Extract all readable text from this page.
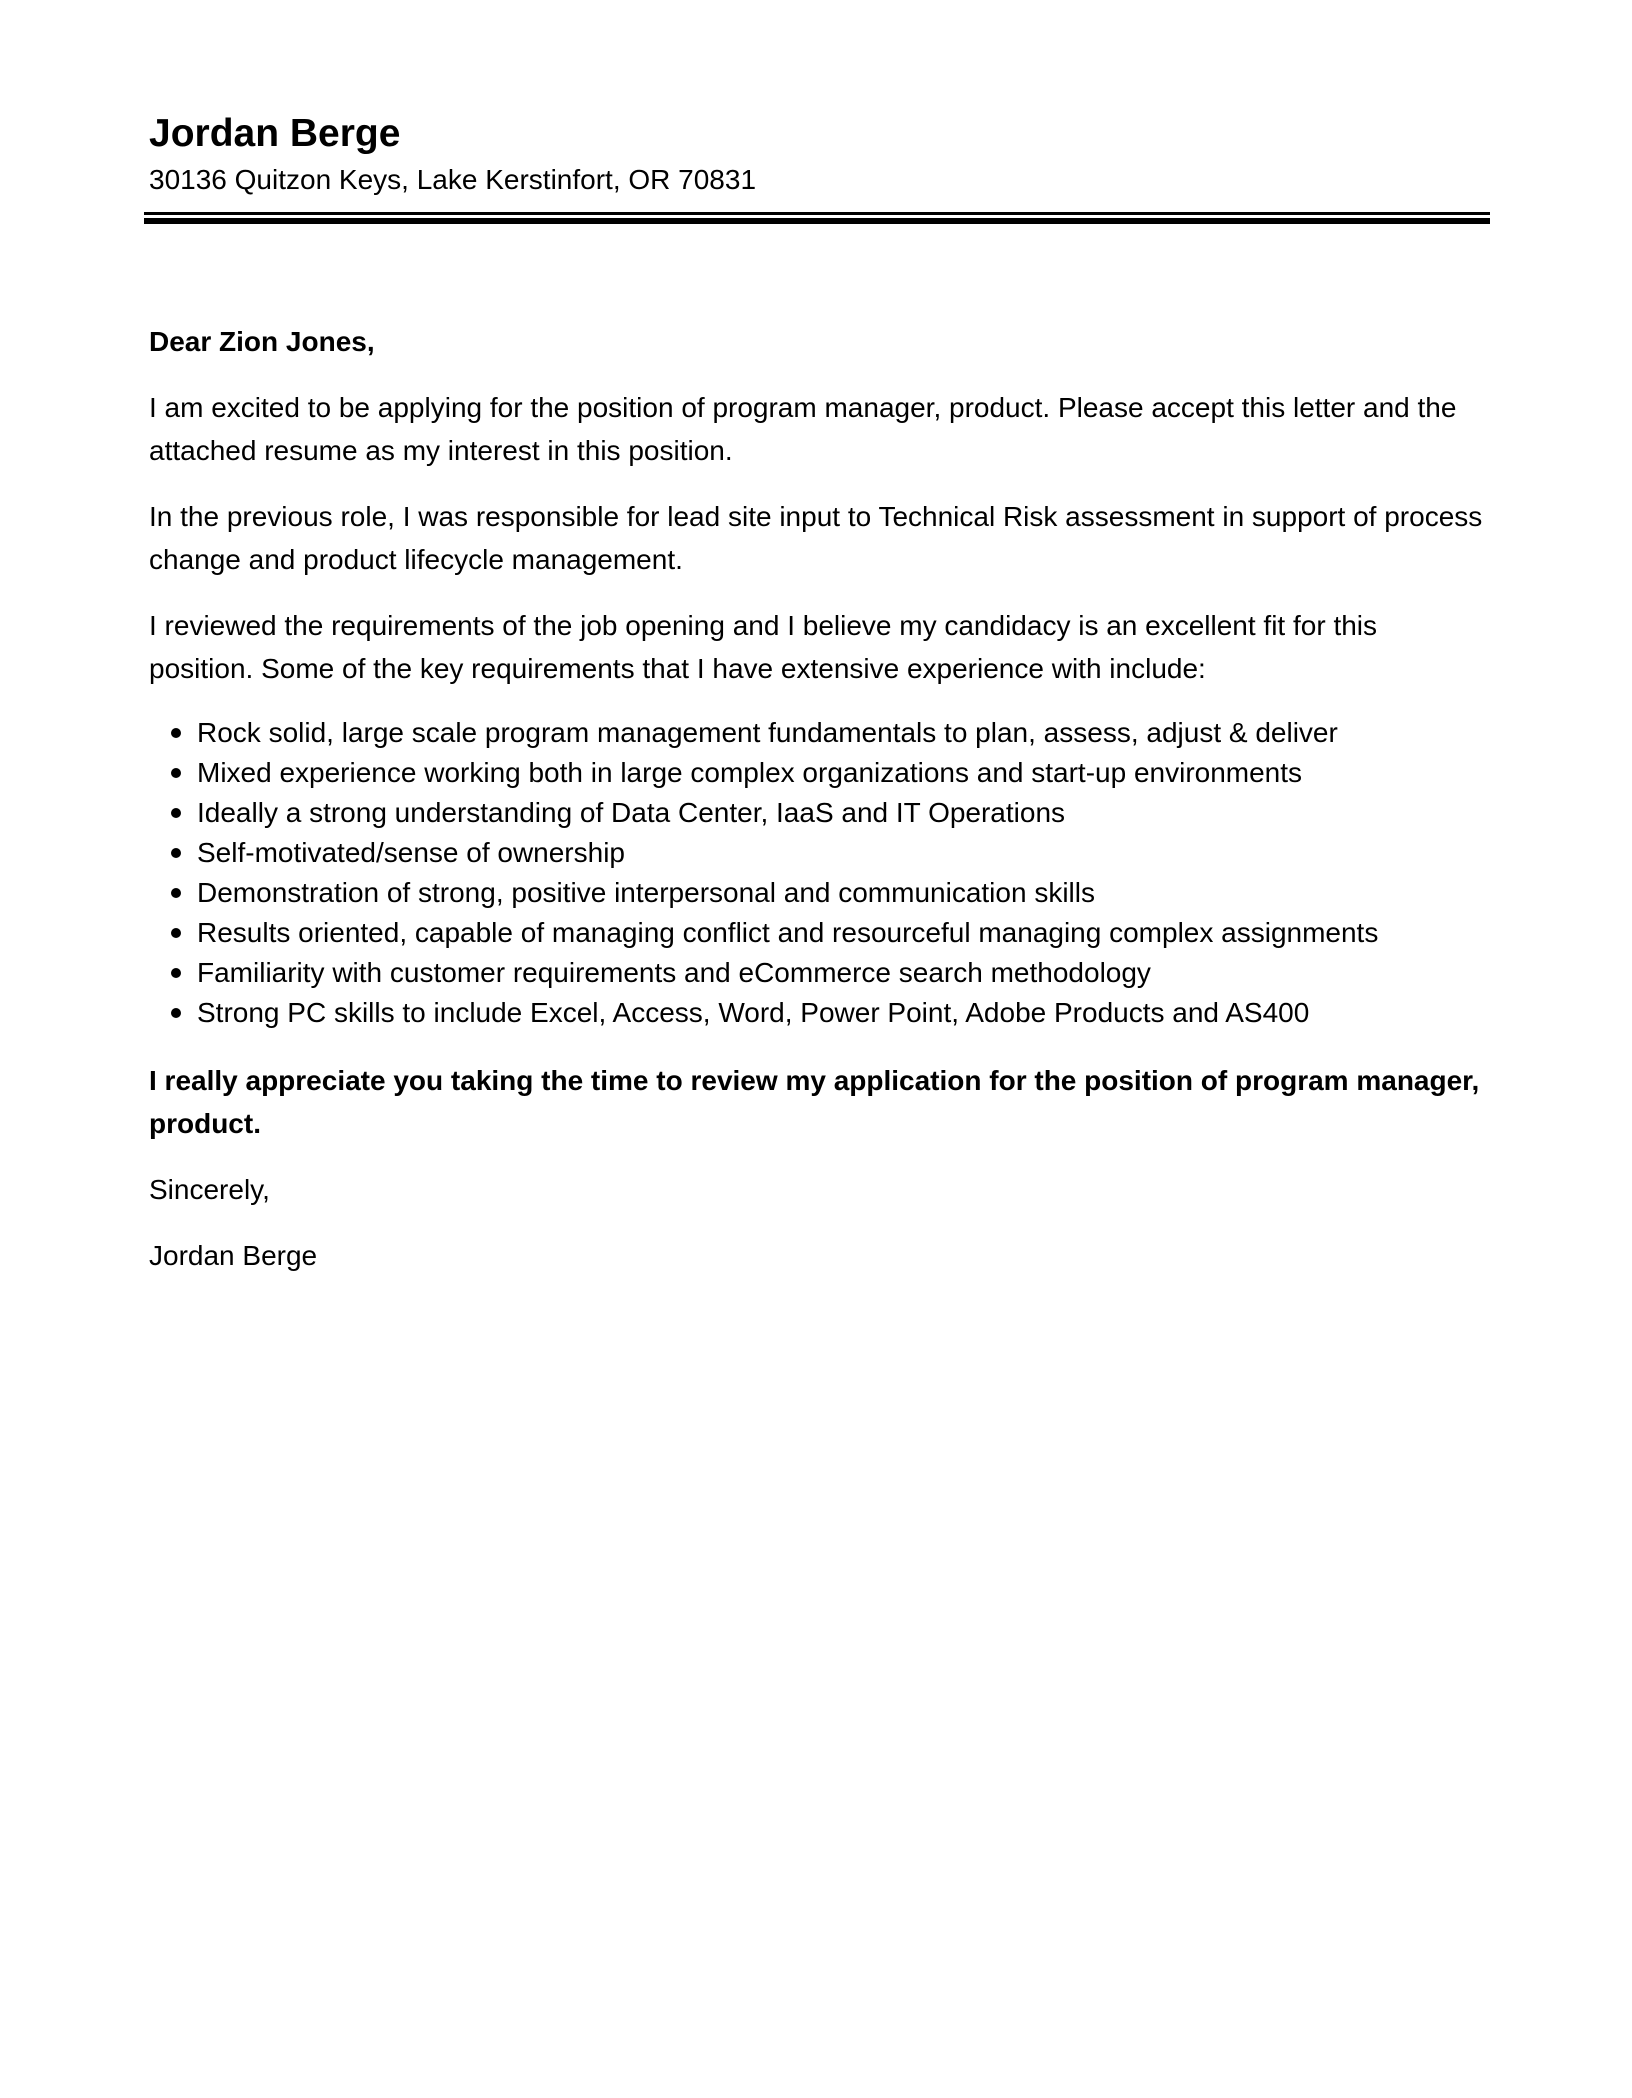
Jordan Berge

30136 Quitzon Keys, Lake Kerstinfort, OR 70831

Dear Zion Jones,

I am excited to be applying for the position of program manager, product. Please accept this letter and the attached resume as my interest in this position.

In the previous role, I was responsible for lead site input to Technical Risk assessment in support of process change and product lifecycle management.

I reviewed the requirements of the job opening and I believe my candidacy is an excellent fit for this position. Some of the key requirements that I have extensive experience with include:

Rock solid, large scale program management fundamentals to plan, assess, adjust & deliver
Mixed experience working both in large complex organizations and start-up environments
Ideally a strong understanding of Data Center, IaaS and IT Operations
Self-motivated/sense of ownership
Demonstration of strong, positive interpersonal and communication skills
Results oriented, capable of managing conflict and resourceful managing complex assignments
Familiarity with customer requirements and eCommerce search methodology
Strong PC skills to include Excel, Access, Word, Power Point, Adobe Products and AS400

I really appreciate you taking the time to review my application for the position of program manager, product.

Sincerely,

Jordan Berge
